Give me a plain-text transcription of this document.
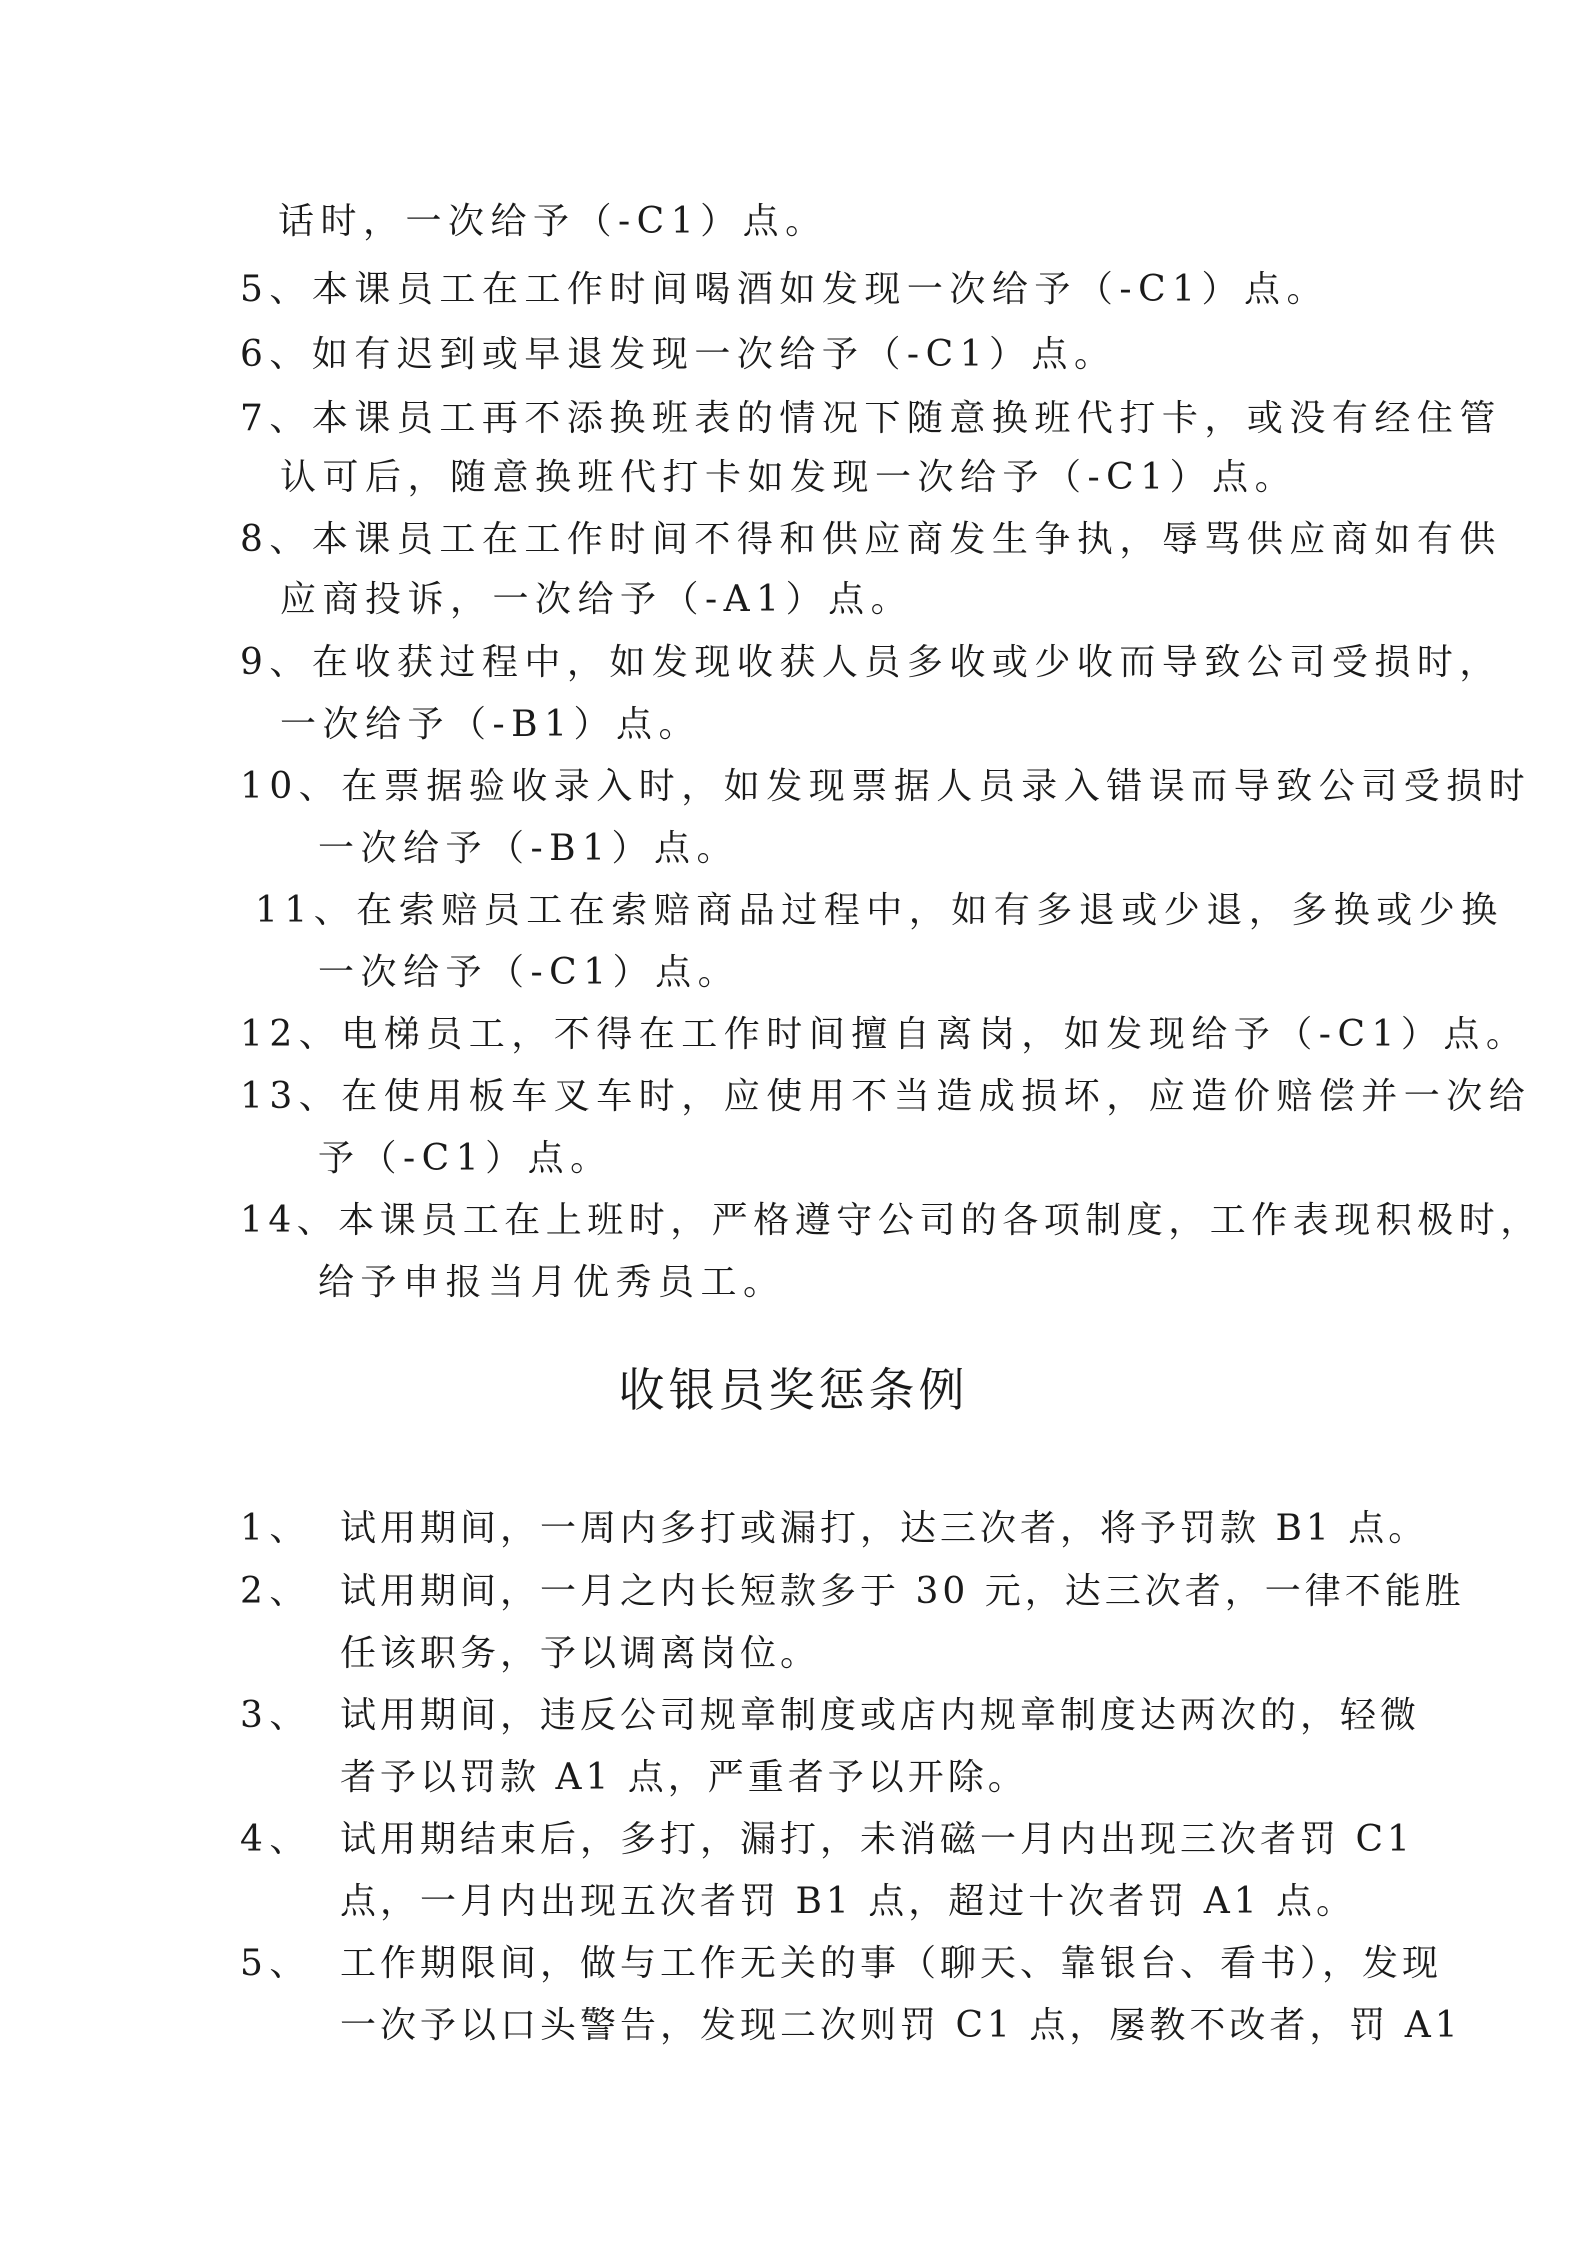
话时，一次给予（-C1）点。
5、本课员工在工作时间喝酒如发现一次给予（-C1）点。
6、如有迟到或早退发现一次给予（-C1）点。
7、本课员工再不添换班表的情况下随意换班代打卡，或没有经住管
认可后，随意换班代打卡如发现一次给予（-C1）点。
8、本课员工在工作时间不得和供应商发生争执，辱骂供应商如有供
应商投诉，一次给予（-A1）点。
9、在收获过程中，如发现收获人员多收或少收而导致公司受损时，
一次给予（-B1）点。
10、在票据验收录入时，如发现票据人员录入错误而导致公司受损时
一次给予（-B1）点。
11、在索赔员工在索赔商品过程中，如有多退或少退，多换或少换
一次给予（-C1）点。
12、电梯员工，不得在工作时间擅自离岗，如发现给予（-C1）点。
13、在使用板车叉车时，应使用不当造成损坏，应造价赔偿并一次给
予（-C1）点。
14、本课员工在上班时，严格遵守公司的各项制度，工作表现积极时，
给予申报当月优秀员工。
收银员奖惩条例
1、 试用期间，一周内多打或漏打，达三次者，将予罚款 B1 点。
2、 试用期间，一月之内长短款多于 30 元，达三次者，一律不能胜
任该职务，予以调离岗位。
3、 试用期间，违反公司规章制度或店内规章制度达两次的，轻微
者予以罚款 A1 点，严重者予以开除。
4、 试用期结束后，多打，漏打，未消磁一月内出现三次者罚 C1
点，一月内出现五次者罚 B1 点，超过十次者罚 A1 点。
5、 工作期限间，做与工作无关的事（聊天、靠银台、看书），发现
一次予以口头警告，发现二次则罚 C1 点，屡教不改者，罚 A1
